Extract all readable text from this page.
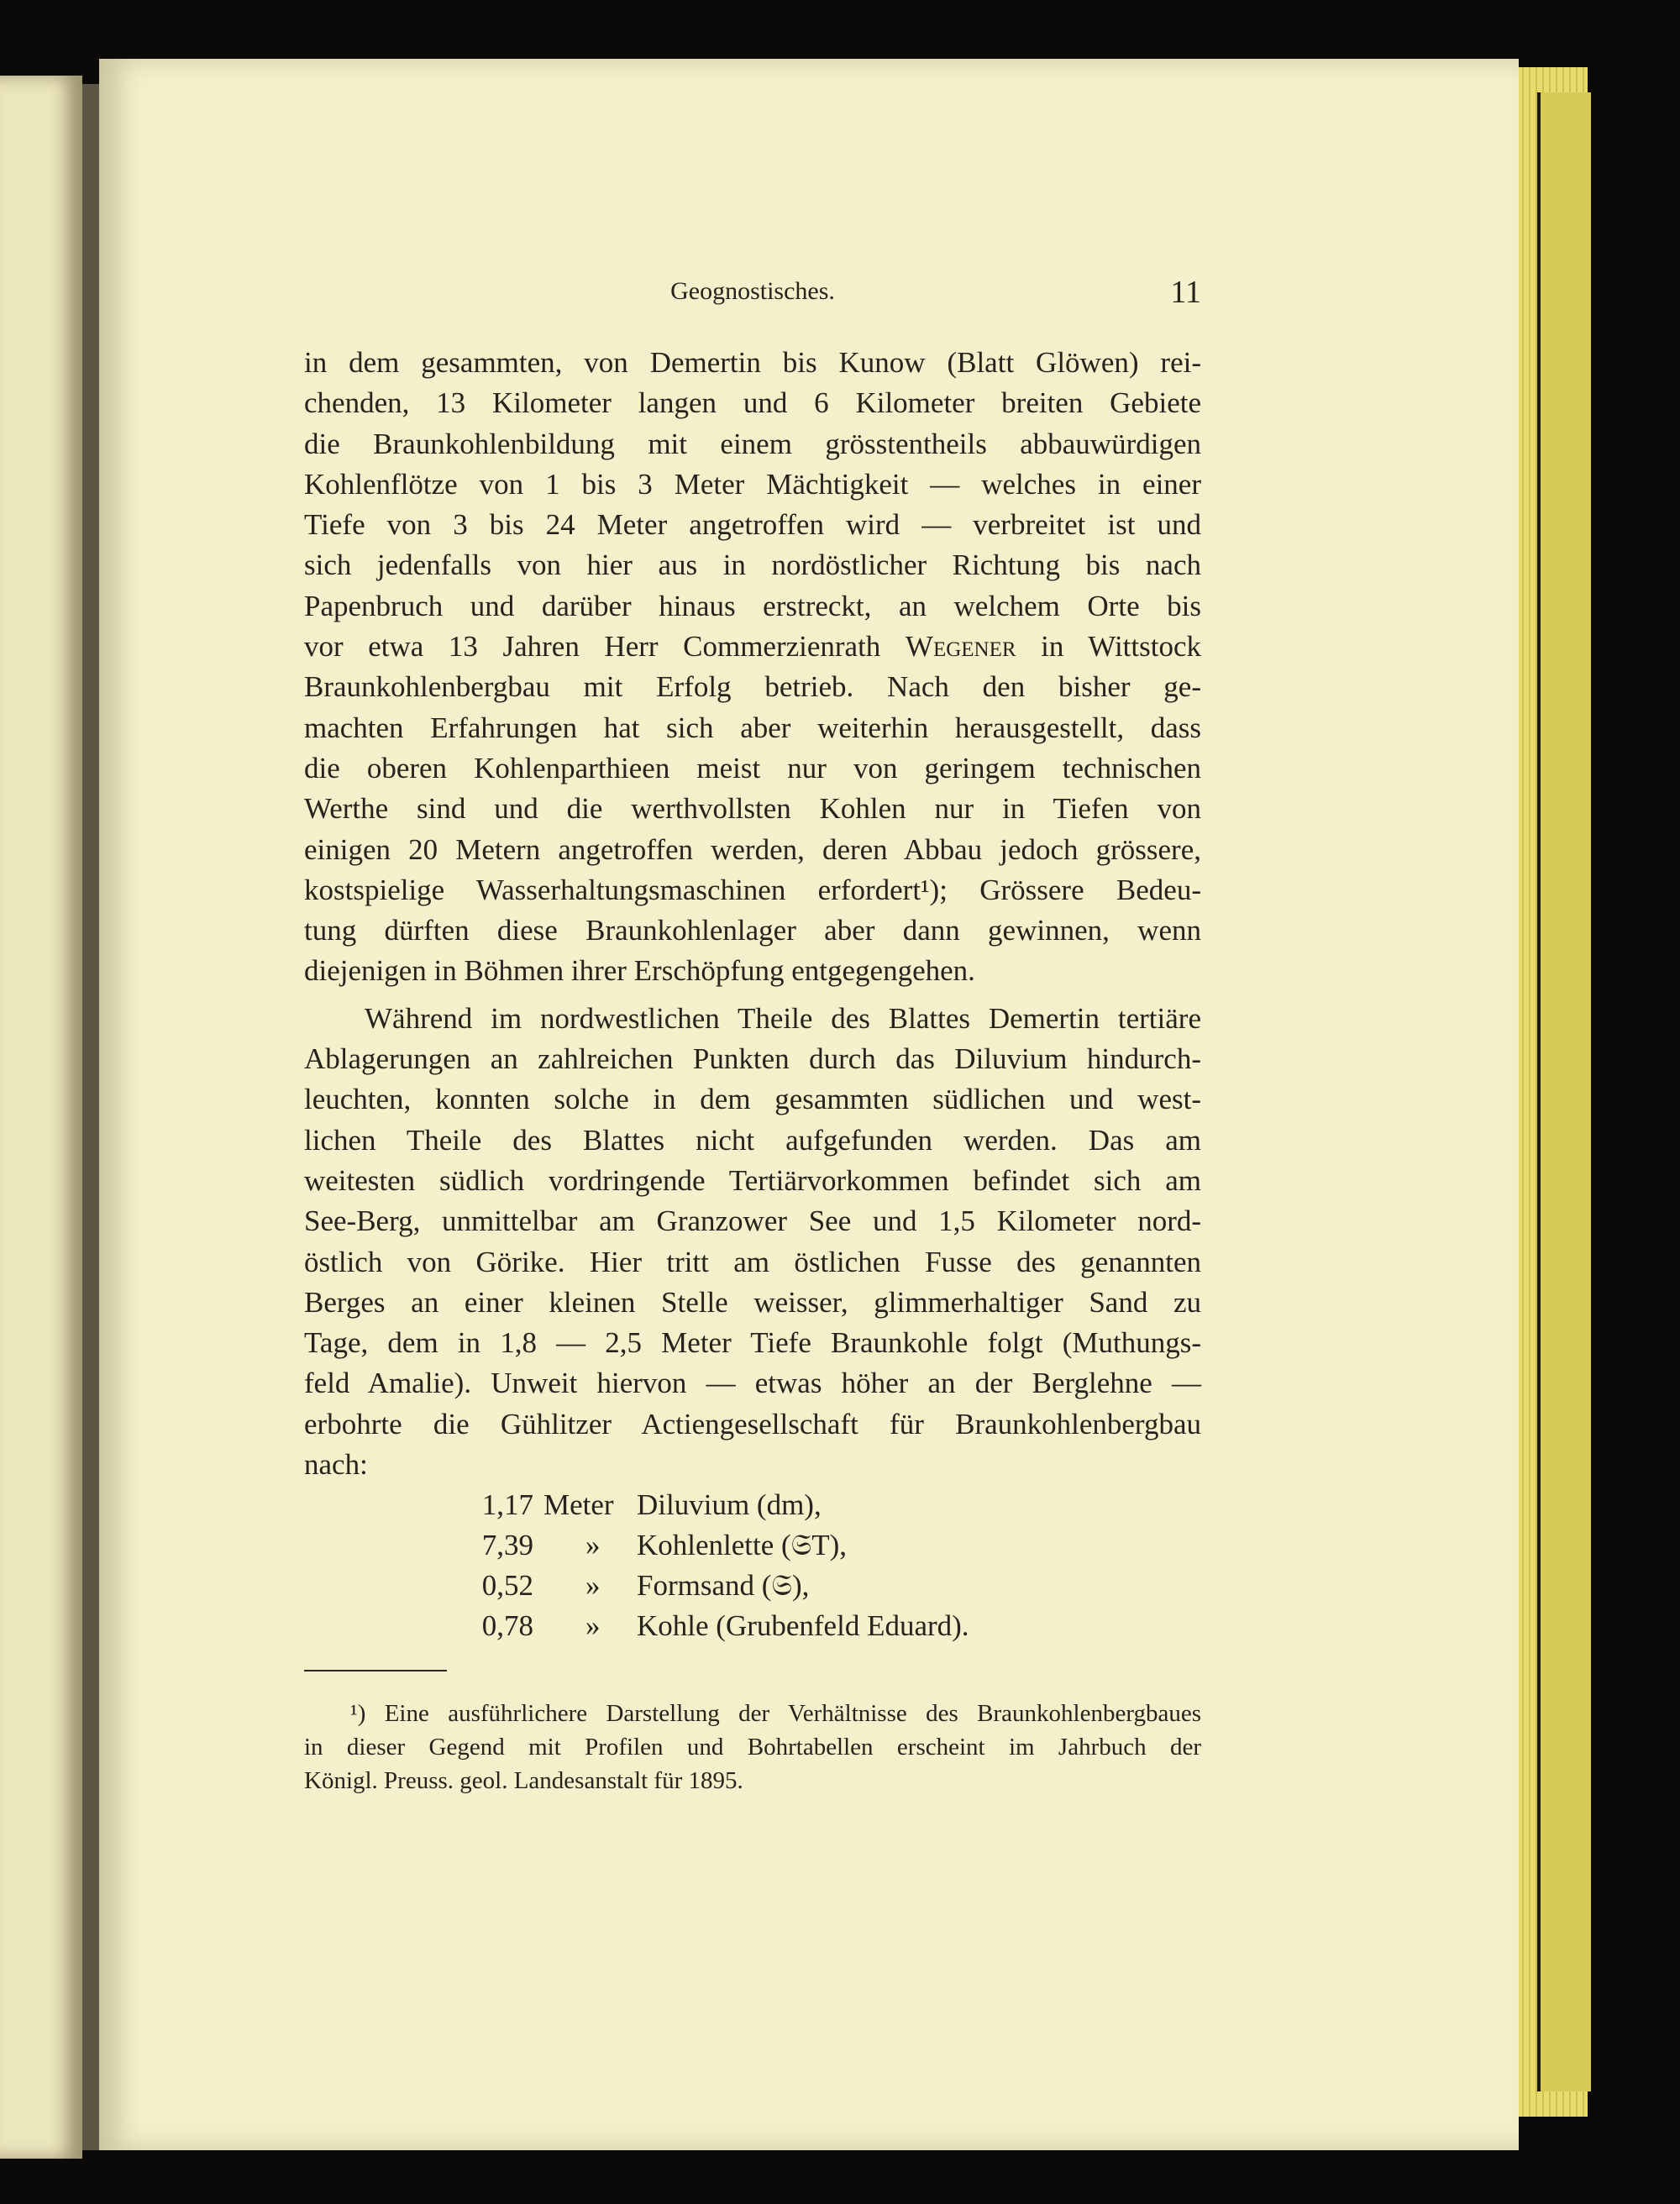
Geognostisches.	11
in dem gesammten, von Demertin bis Kunow (Blatt Glöwen) rei-
chenden, 13 Kilometer langen und 6 Kilometer breiten Gebiete
die Braunkohlenbildung mit einem grösstentheils abbauwürdigen
Kohlenflötze von 1 bis 3 Meter Mächtigkeit — welches in einer
Tiefe von 3 bis 24 Meter angetroffen wird — verbreitet ist und
sich jedenfalls von hier aus in nordöstlicher Richtung bis nach
Papenbruch und darüber hinaus erstreckt, an welchem Orte bis
vor etwa 13 Jahren Herr Commerzienrath Wegener in Wittstock
Braunkohlenbergbau mit Erfolg betrieb. Nach den bisher ge-
machten Erfahrungen hat sich aber weiterhin herausgestellt, dass
die oberen Kohlenparthieen meist nur von geringem technischen
Werthe sind und die werthvollsten Kohlen nur in Tiefen von
einigen 20 Metern angetroffen werden, deren Abbau jedoch grössere,
kostspielige Wasserhaltungsmaschinen erfordert¹); Grössere Bedeu-
tung dürften diese Braunkohlenlager aber dann gewinnen, wenn
diejenigen in Böhmen ihrer Erschöpfung entgegengehen.
Während im nordwestlichen Theile des Blattes Demertin tertiäre
Ablagerungen an zahlreichen Punkten durch das Diluvium hindurch-
leuchten, konnten solche in dem gesammten südlichen und west-
lichen Theile des Blattes nicht aufgefunden werden. Das am
weitesten südlich vordringende Tertiärvorkommen befindet sich am
See-Berg, unmittelbar am Granzower See und 1,5 Kilometer nord-
östlich von Görike. Hier tritt am östlichen Fusse des genannten
Berges an einer kleinen Stelle weisser, glimmerhaltiger Sand zu
Tage, dem in 1,8 — 2,5 Meter Tiefe Braunkohle folgt (Muthungs-
feld Amalie). Unweit hiervon — etwas höher an der Berglehne —
erbohrte die Gühlitzer Actiengesellschaft für Braunkohlenbergbau
nach:
1,17 Meter Diluvium (dm),
7,39 » Kohlenlette (𝔖T),
0,52 » Formsand (𝔖),
0,78 » Kohle (Grubenfeld Eduard).
¹) Eine ausführlichere Darstellung der Verhältnisse des Braunkohlenbergbaues
in dieser Gegend mit Profilen und Bohrtabellen erscheint im Jahrbuch der
Königl. Preuss. geol. Landesanstalt für 1895.
